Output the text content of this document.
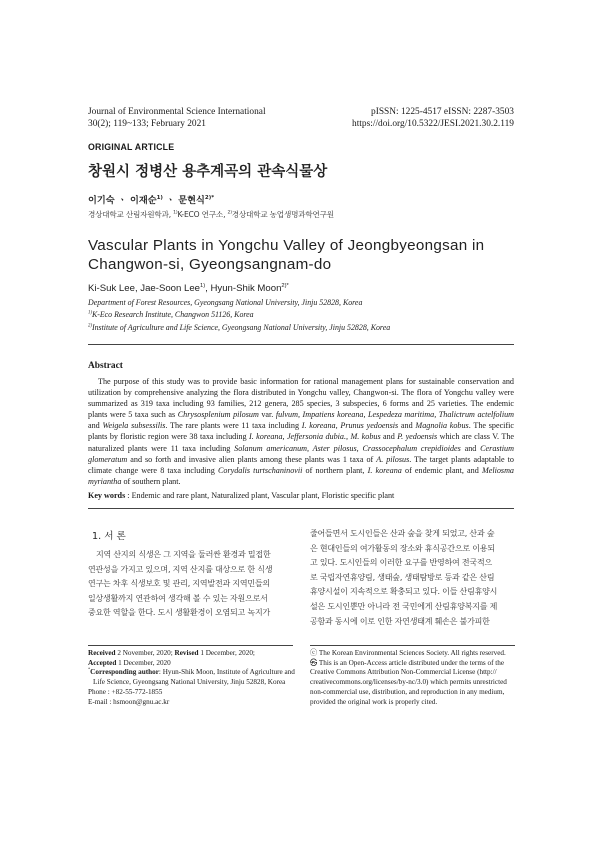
Journal of Environmental Science International
30(2); 119~133; February 2021
pISSN: 1225-4517 eISSN: 2287-3503
https://doi.org/10.5322/JESI.2021.30.2.119
ORIGINAL ARTICLE
창원시 정병산 용추계곡의 관속식물상
이기숙 ㆍ 이재순$^{1)}$ ㆍ 문현식$^{2)*}$
경상대학교 산림자원학과, $^{1)}$K-ECO 연구소, $^{2)}$경상대학교 농업생명과학연구원
Vascular Plants in Yongchu Valley of Jeongbyeongsan in
Changwon-si, Gyeongsangnam-do
Ki-Suk Lee, Jae-Soon Lee$^{1)}$, Hyun-Shik Moon$^{2)*}$
Department of Forest Resources, Gyeongsang National University, Jinju 52828, Korea
$^{1)}$K-Eco Research Institute, Changwon 51126, Korea
$^{2)}$Institute of Agriculture and Life Science, Gyeongsang National University, Jinju 52828, Korea
Abstract
The purpose of this study was to provide basic information for rational management plans for sustainable conservation and utilization by comprehensive analyzing the flora distributed in Yongchu valley, Changwon-si. The flora of Yongchu valley were summarized as 319 taxa including 93 families, 212 genera, 285 species, 3 subspecies, 6 forms and 25 varieties. The endemic plants were 5 taxa such as Chrysosplenium pilosum var. fulvum, Impatiens koreana, Lespedeza maritima, Thalictrum actelfolium and Weigela subsessilis. The rare plants were 11 taxa including I. koreana, Prunus yedoensis and Magnolia kobus. The specific plants by floristic region were 38 taxa including I. koreana, Jeffersonia dubia., M. kobus and P. yedoensis which are class V. The naturalized plants were 11 taxa including Solanum americanum, Aster pilosus, Crassocephalum crepidioides and Cerastium glomeratum and so forth and invasive alien plants among these plants was 1 taxa of A. pilosus. The target plants adaptable to climate change were 8 taxa including Corydalis turtschaninovii of northern plant, I. koreana of endemic plant, and Meliosma myriantha of southern plant.
Key words : Endemic and rare plant, Naturalized plant, Vascular plant, Floristic specific plant
1. 서 론
지역 산지의 식생은 그 지역을 둘러싼 환경과 밀접한
연관성을 가지고 있으며, 지역 산지를 대상으로 한 식생
연구는 차후 식생보호 및 관리, 지역발전과 지역민들의
일상생활까지 연관하여 생각해 볼 수 있는 자원으로서
중요한 역할을 한다. 도시 생활환경이 오염되고 녹지가
줄어들면서 도시인들은 산과 숲을 찾게 되었고, 산과 숲
은 현대인들의 여가활동의 장소와 휴식공간으로 이용되
고 있다. 도시인들의 이러한 요구를 반영하여 전국적으
로 국립자연휴양림, 생태숲, 생태탐방로 등과 같은 산림
휴양시설이 지속적으로 확충되고 있다. 이들 산림휴양시
설은 도시인뿐만 아니라 전 국민에게 산림휴양복지를 제
공함과 동시에 이로 인한 자연생태계 훼손은 불가피한
Received 2 November, 2020; Revised 1 December, 2020;
Accepted 1 December, 2020
*Corresponding author: Hyun-Shik Moon, Institute of Agriculture and
Life Science, Gyeongsang National University, Jinju 52828, Korea
Phone : +82-55-772-1855
E-mail : hsmoon@gnu.ac.kr
ⓒ The Korean Environmental Sciences Society. All rights reserved.
㉿ This is an Open-Access article distributed under the terms of the
Creative Commons Attribution Non-Commercial License (http://
creativecommons.org/licenses/by-nc/3.0) which permits unrestricted
non-commercial use, distribution, and reproduction in any medium,
provided the original work is properly cited.
